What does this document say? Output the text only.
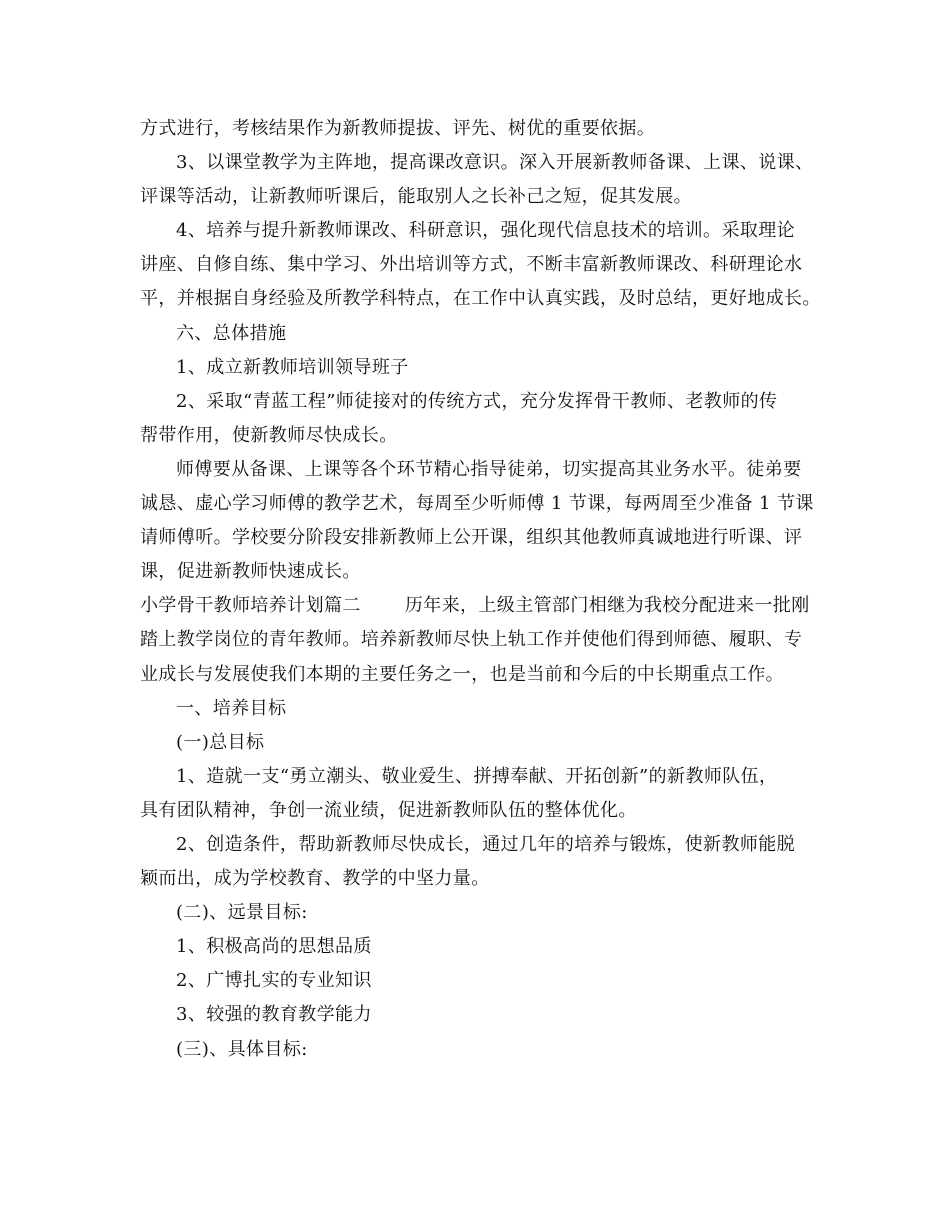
方式进行，考核结果作为新教师提拔、评先、树优的重要依据。
3、以课堂教学为主阵地，提高课改意识。深入开展新教师备课、上课、说课、
评课等活动，让新教师听课后，能取别人之长补己之短，促其发展。
4、培养与提升新教师课改、科研意识，强化现代信息技术的培训。采取理论
讲座、自修自练、集中学习、外出培训等方式，不断丰富新教师课改、科研理论水
平，并根据自身经验及所教学科特点，在工作中认真实践，及时总结，更好地成长。
六、总体措施
1、成立新教师培训领导班子
2、采取“青蓝工程”师徒接对的传统方式，充分发挥骨干教师、老教师的传
帮带作用，使新教师尽快成长。
师傅要从备课、上课等各个环节精心指导徒弟，切实提高其业务水平。徒弟要
诚恳、虚心学习师傅的教学艺术，每周至少听师傅 1 节课，每两周至少准备 1 节课
请师傅听。学校要分阶段安排新教师上公开课，组织其他教师真诚地进行听课、评
课，促进新教师快速成长。
小学骨干教师培养计划篇二 历年来，上级主管部门相继为我校分配进来一批刚
踏上教学岗位的青年教师。培养新教师尽快上轨工作并使他们得到师德、履职、专
业成长与发展使我们本期的主要任务之一，也是当前和今后的中长期重点工作。
一、培养目标
(一)总目标
1、造就一支“勇立潮头、敬业爱生、拼搏奉献、开拓创新”的新教师队伍，
具有团队精神，争创一流业绩，促进新教师队伍的整体优化。
2、创造条件，帮助新教师尽快成长，通过几年的培养与锻炼，使新教师能脱
颖而出，成为学校教育、教学的中坚力量。
(二)、远景目标:
1、积极高尚的思想品质
2、广博扎实的专业知识
3、较强的教育教学能力
(三)、具体目标:
